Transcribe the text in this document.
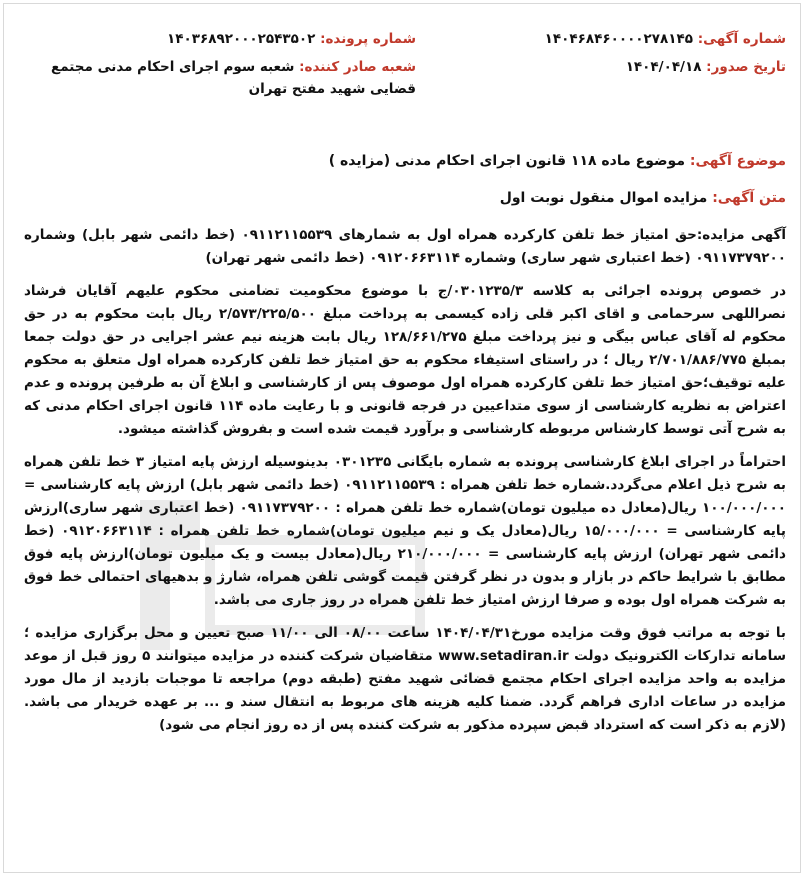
شماره آگهی: ۱۴۰۴۶۸۴۶۰۰۰۰۲۷۸۱۴۵
شماره پرونده: ۱۴۰۳۶۸۹۲۰۰۰۲۵۴۳۵۰۲
تاریخ صدور: ۱۴۰۴/۰۴/۱۸
شعبه صادر کننده: شعبه سوم اجرای احکام مدنی مجتمع قضایی شهید مفتح تهران
موضوع آگهی: موضوع ماده ۱۱۸ قانون اجرای احکام مدنی (مزایده )
متن آگهی: مزایده اموال منقول نوبت اول
آگهی مزایده:حق امتیاز خط تلفن کارکرده همراه اول به شمارهای ۰۹۱۱۲۱۱۵۵۳۹ (خط دائمی شهر بابل) وشماره ۰۹۱۱۷۳۷۹۲۰۰ (خط اعتباری شهر ساری) وشماره ۰۹۱۲۰۶۶۳۱۱۴ (خط دائمی شهر تهران)
در خصوص پرونده اجرائی به کلاسه ۰۳۰۱۲۳۵/۳/ج با موضوع محکومیت تضامنی محکوم علیهم آقایان فرشاد نصراللهی سرحمامی و اقای اکبر قلی زاده کیسمی به پرداخت مبلغ ۲/۵۷۳/۲۲۵/۵۰۰ ریال بابت محکوم به در حق محکوم له آقای عباس بیگی و نیز پرداخت مبلغ ۱۲۸/۶۶۱/۲۷۵ ریال بابت هزینه نیم عشر اجرایی در حق دولت جمعا بمبلغ ۲/۷۰۱/۸۸۶/۷۷۵ ریال ؛ در راستای استیفاء محکوم به حق امتیاز خط تلفن کارکرده همراه اول متعلق به محکوم علیه توقیف؛حق امتیاز خط تلفن کارکرده همراه اول موصوف پس از کارشناسی و ابلاغ آن به طرفین پرونده و عدم اعتراض به نظریه کارشناسی از سوی متداعیین در فرجه قانونی و با رعایت ماده ۱۱۴ قانون اجرای احکام مدنی که به شرح آتی توسط کارشناس مربوطه کارشناسی و برآورد قیمت شده است و بفروش گذاشته میشود.
احتراماً در اجرای ابلاغ کارشناسی پرونده به شماره بایگانی ۰۳۰۱۲۳۵ بدینوسیله ارزش پایه امتیاز ۳ خط تلفن همراه به شرح ذیل اعلام می‌گردد.شماره خط تلفن همراه : ۰۹۱۱۲۱۱۵۵۳۹ (خط دائمی شهر بابل) ارزش پایه کارشناسی = ۱۰۰/۰۰۰/۰۰۰ ریال(معادل ده میلیون تومان)شماره خط تلفن همراه : ۰۹۱۱۷۳۷۹۲۰۰ (خط اعتباری شهر ساری)ارزش پایه کارشناسی = ۱۵/۰۰۰/۰۰۰ ریال(معادل یک و نیم میلیون تومان)شماره خط تلفن همراه : ۰۹۱۲۰۶۶۳۱۱۴ (خط دائمی شهر تهران) ارزش پایه کارشناسی = ۲۱۰/۰۰۰/۰۰۰ ریال(معادل بیست و یک میلیون تومان)ارزش پایه فوق مطابق با شرایط حاکم در بازار و بدون در نظر گرفتن قیمت گوشی تلفن همراه، شارژ و بدهیهای احتمالی خط فوق به شرکت همراه اول بوده و صرفا ارزش امتیاز خط تلفن همراه در روز جاری می باشد.
با توجه به مراتب فوق وقت مزایده مورخ۱۴۰۴/۰۴/۳۱ ساعت ۰۸/۰۰ الی ۱۱/۰۰ صبح تعیین و محل برگزاری مزایده ؛سامانه تدارکات الکترونیک دولت www.setadiran.ir متقاضیان شرکت کننده در مزایده میتوانند ۵ روز قبل از موعد مزایده به واحد مزایده اجرای احکام مجتمع قضائی شهید مفتح (طبقه دوم) مراجعه تا موجبات بازدید از مال مورد مزایده در ساعات اداری فراهم گردد. ضمنا کلیه هزینه های مربوط به انتقال سند و ... بر عهده خریدار می باشد.(لازم به ذکر است که استرداد قبض سپرده مذکور به شرکت کننده پس از ده روز انجام می شود)
